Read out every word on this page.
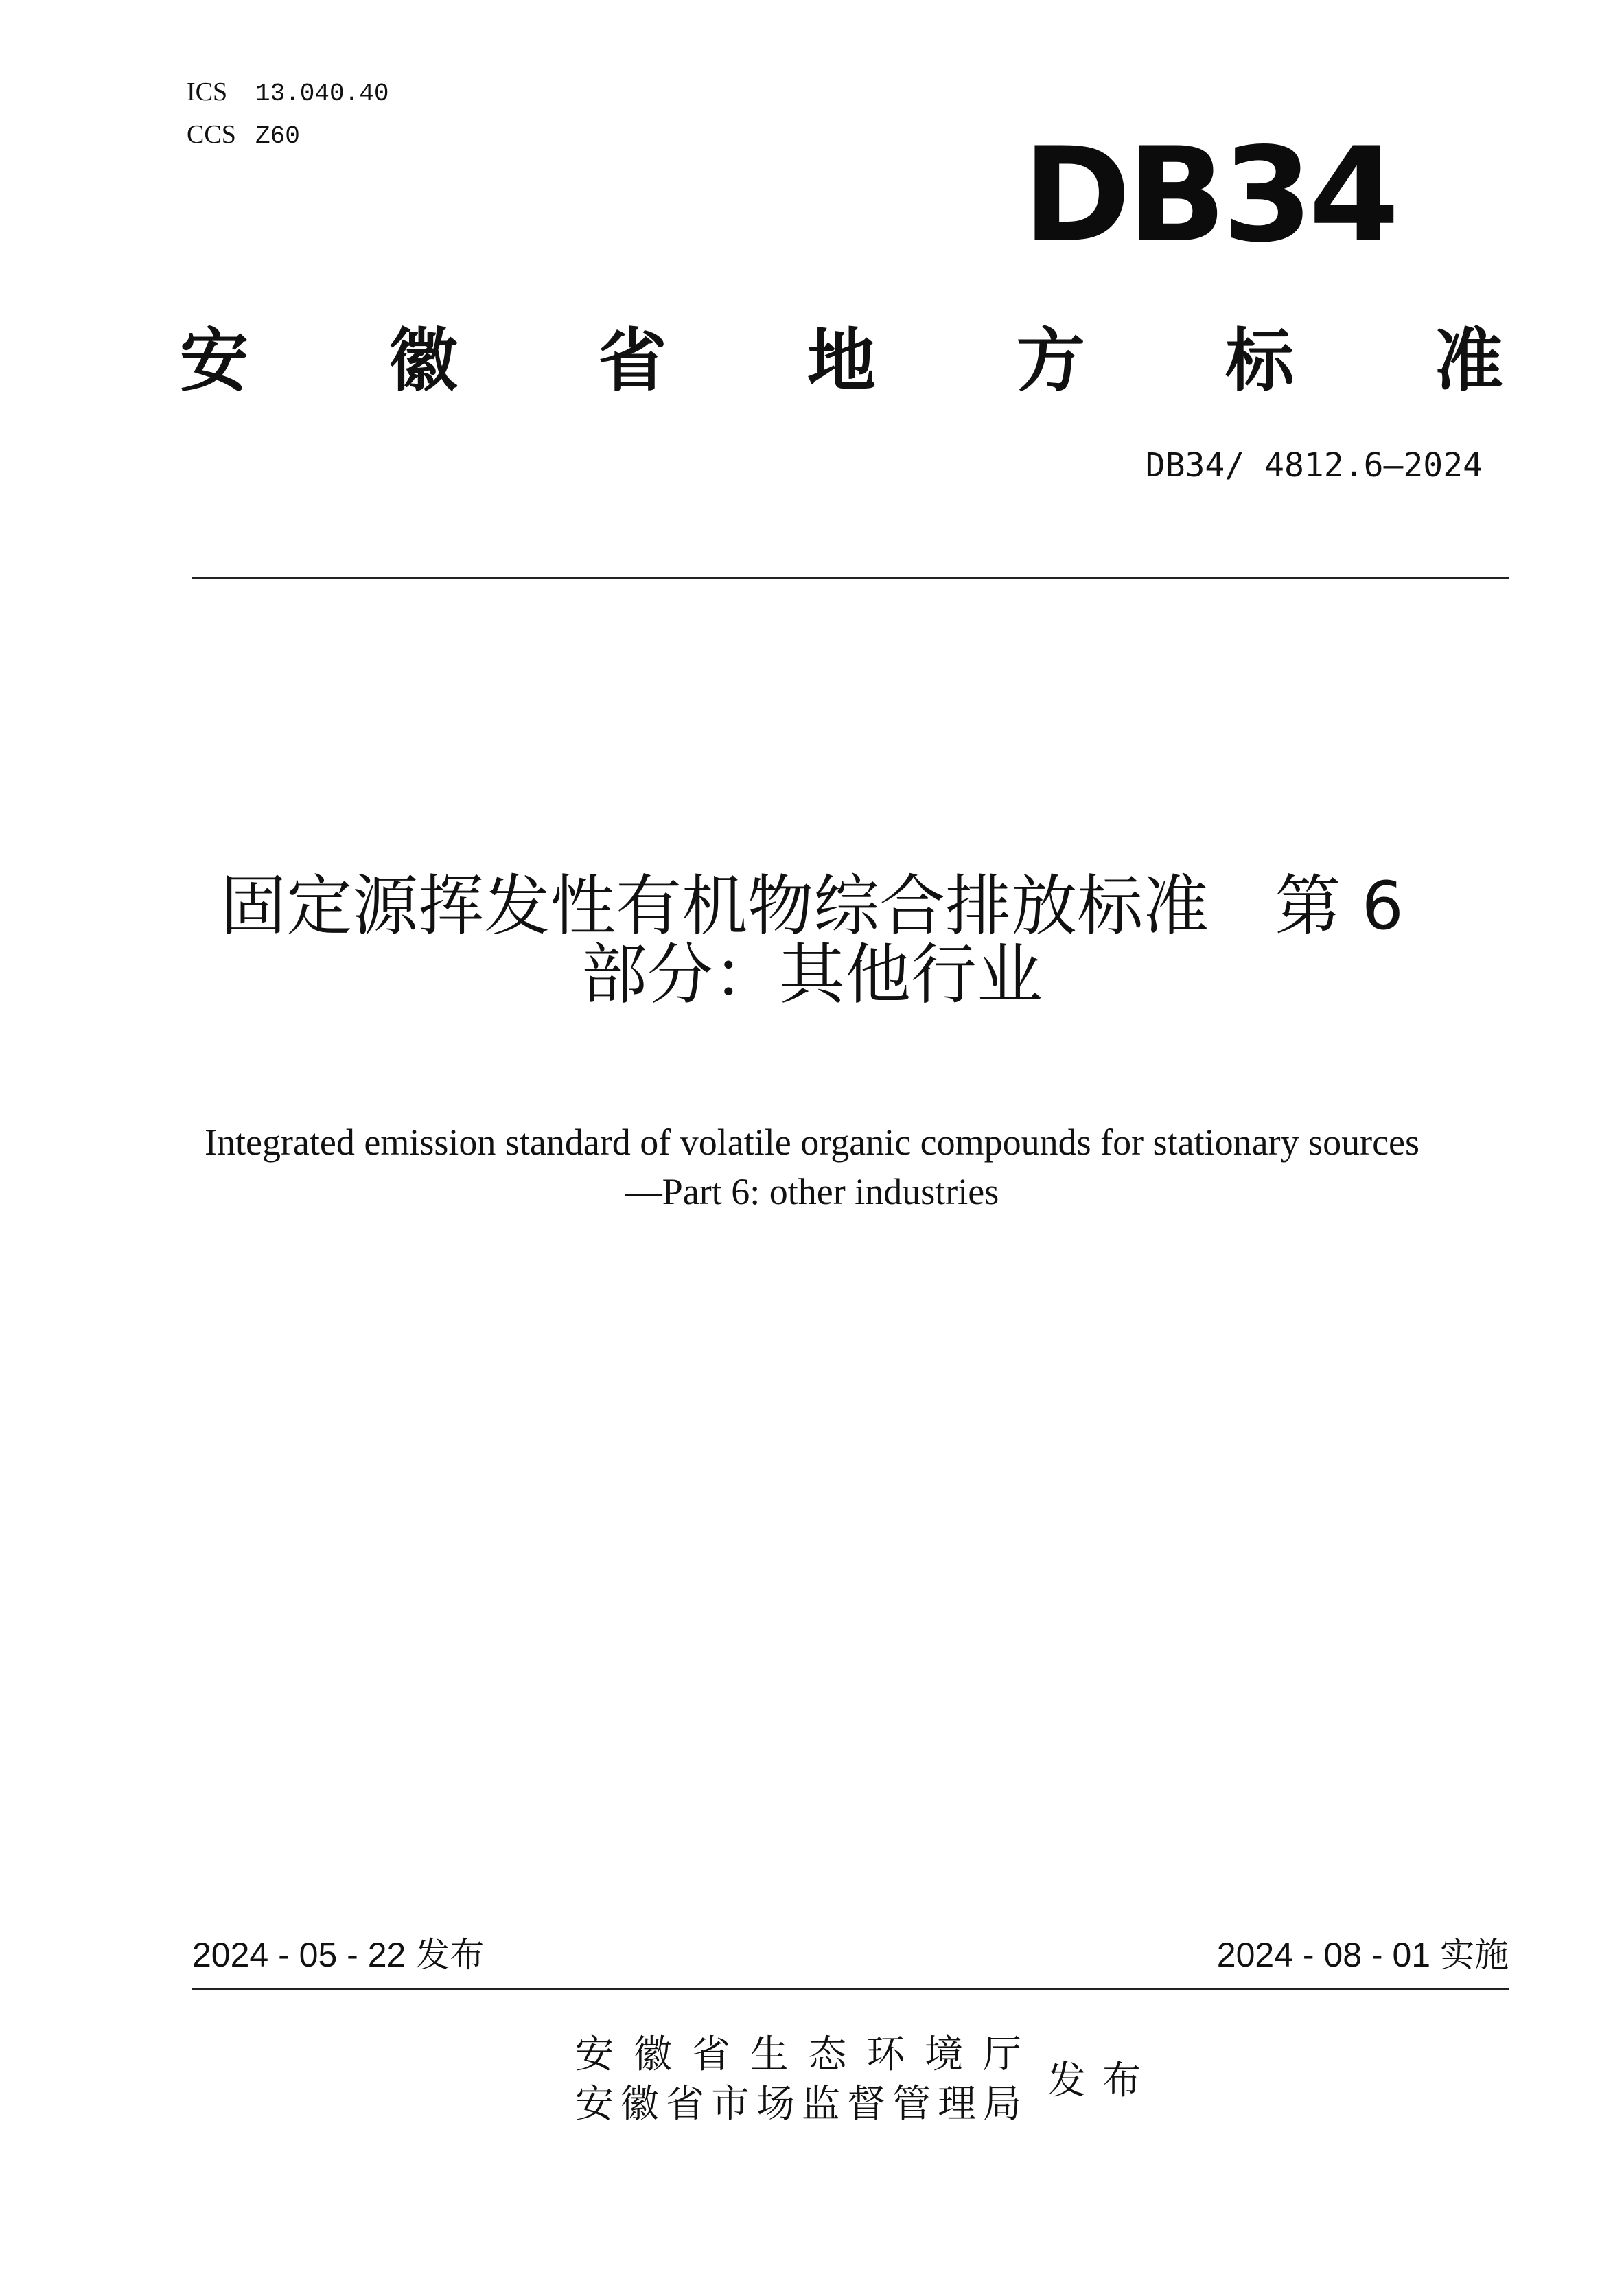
ICS 13.040.40
CCS Z60	DB34
安 徽 省 地 方 标 准
DB34/ 4812.6—2024
固定源挥发性有机物综合排放标准　第 6
部分：其他行业
Integrated emission standard of volatile organic compounds for stationary sources
—Part 6: other industries
2024 - 05 - 22 发布	2024 - 08 - 01 实施
安 徽 省 生 态 环 境 厅
安 徽 省 市 场 监 督 管 理 局
发布
